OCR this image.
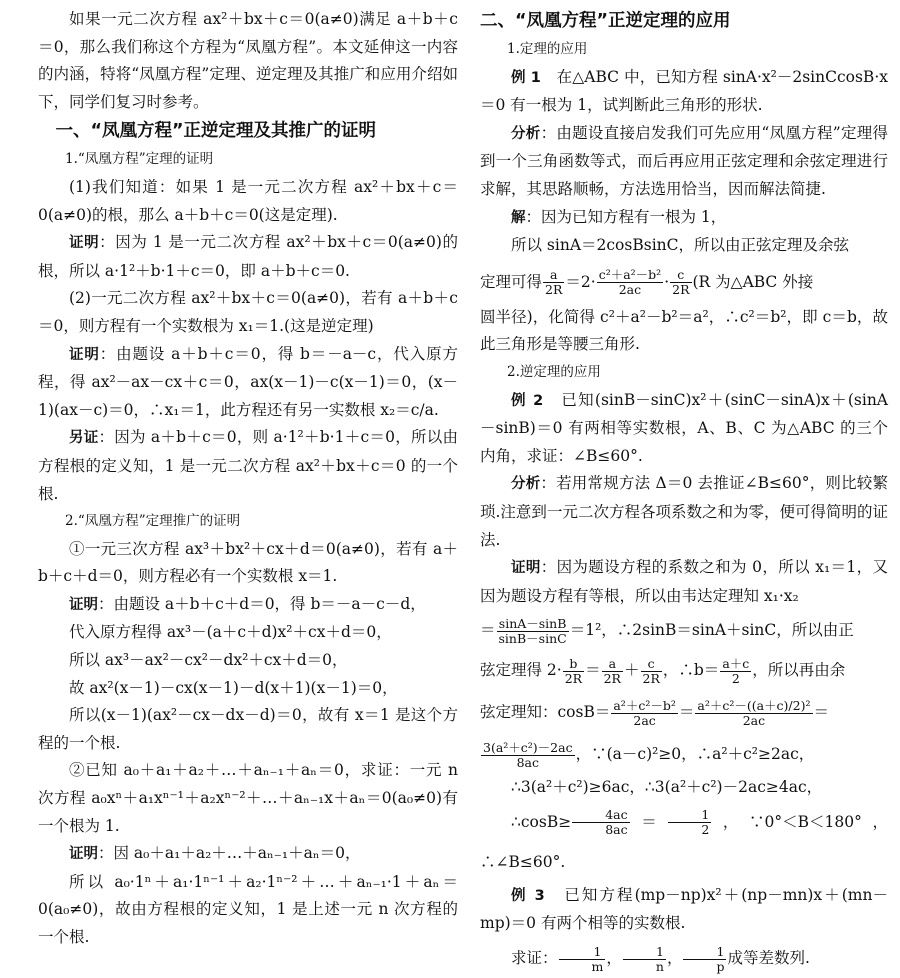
如果一元二次方程 ax²＋bx＋c＝0(a≠0)满足 a＋b＋c＝0，那么我们称这个方程为“凤凰方程”。本文延伸这一内容的内涵，特将“凤凰方程”定理、逆定理及其推广和应用介绍如下，同学们复习时参考。

一、“凤凰方程”正逆定理及其推广的证明

1.“凤凰方程”定理的证明

(1)我们知道：如果 1 是一元二次方程 ax²＋bx＋c＝0(a≠0)的根，那么 a＋b＋c＝0(这是定理).

证明：因为 1 是一元二次方程 ax²＋bx＋c＝0(a≠0)的根，所以 a·1²＋b·1＋c＝0，即 a＋b＋c＝0.

(2)一元二次方程 ax²＋bx＋c＝0(a≠0)，若有 a＋b＋c＝0，则方程有一个实数根为 x₁＝1.(这是逆定理)

证明：由题设 a＋b＋c＝0，得 b＝－a－c，代入原方程，得 ax²－ax－cx＋c＝0，ax(x－1)－c(x－1)＝0，(x－1)(ax－c)＝0，∴x₁＝1，此方程还有另一实数根 x₂＝c/a.

另证：因为 a＋b＋c＝0，则 a·1²＋b·1＋c＝0，所以由方程根的定义知，1 是一元二次方程 ax²＋bx＋c＝0 的一个根.

2.“凤凰方程”定理推广的证明

①一元三次方程 ax³＋bx²＋cx＋d＝0(a≠0)，若有 a＋b＋c＋d＝0，则方程必有一个实数根 x＝1.

证明：由题设 a＋b＋c＋d＝0，得 b＝－a－c－d，

代入原方程得 ax³－(a＋c＋d)x²＋cx＋d＝0，

所以 ax³－ax²－cx²－dx²＋cx＋d＝0，

故 ax²(x－1)－cx(x－1)－d(x＋1)(x－1)＝0，

所以(x－1)(ax²－cx－dx－d)＝0，故有 x＝1 是这个方程的一个根.

②已知 a₀＋a₁＋a₂＋…＋aₙ₋₁＋aₙ＝0，求证：一元 n 次方程 a₀xⁿ＋a₁xⁿ⁻¹＋a₂xⁿ⁻²＋…＋aₙ₋₁x＋aₙ＝0(a₀≠0)有一个根为 1.

证明：因 a₀＋a₁＋a₂＋…＋aₙ₋₁＋aₙ＝0，

所以 a₀·1ⁿ＋a₁·1ⁿ⁻¹＋a₂·1ⁿ⁻²＋…＋aₙ₋₁·1＋aₙ＝0(a₀≠0)，故由方程根的定义知，1 是上述一元 n 次方程的一个根.

二、“凤凰方程”正逆定理的应用

1.定理的应用

例 1　 在△ABC 中，已知方程 sinA·x²－2sinCcosB·x＝0 有一根为 1，试判断此三角形的形状.

分析：由题设直接启发我们可先应用“凤凰方程”定理得到一个三角函数等式，而后再应用正弦定理和余弦定理进行求解，其思路顺畅，方法选用恰当，因而解法简捷.

解：因为已知方程有一根为 1，

所以 sinA＝2cosBsinC，所以由正弦定理及余弦

定理可得 $\frac{a}{2R} =2\cdot \frac{\text{c²＋a²－b²}}{2ac} \cdot \frac{c}{2R} (R$ 为△ABC 外接

圆半径)，化简得 c²＋a²－b²＝a²，∴c²＝b²，即 c＝b，故此三角形是等腰三角形.

2.逆定理的应用

例 2　 已知(sinB－sinC)x²＋(sinC－sinA)x＋(sinA－sinB)＝0 有两相等实数根，A、B、C 为△ABC 的三个内角，求证：∠B≤60°.

分析：若用常规方法 Δ＝0 去推证∠B≤60°，则比较繁琐.注意到一元二次方程各项系数之和为零，便可得简明的证法.

证明：因为题设方程的系数之和为 0，所以 x₁＝1，又因为题设方程有等根，所以由韦达定理知 x₁·x₂

＝ $\frac{\sin A-\sin B}{\sin B-\sin C} =1^2$，∴2sinB＝sinA＋sinC，所以由正

弦定理得 $2\cdot \frac{b}{2R} = \frac{a}{2R} + \frac{c}{2R}$ ，∴b＝ $\frac{a+c}{2}$ ，所以再由余

弦定理知：$\cos B= \frac{\text{a²＋c²－b²}}{2ac} = \frac{\text{a²＋c²－((a＋c)/2)²}}{2ac}$ ＝

$\frac{\text{3(a²＋c²)－2ac}}{8ac}$ ，∵(a－c)²≥0，∴a²＋c²≥2ac，

∴3(a²＋c²)≥6ac，∴3(a²＋c²)－2ac≥4ac，

∴cosB≥ $\frac{4ac}{8ac} = \frac{1}{2}$ ，∵0°＜B＜180°，∴∠B≤60°.

例 3　 已知方程(mp－np)x²＋(np－mn)x＋(mn－mp)＝0 有两个相等的实数根.

求证： $\frac{1}{m}$ ， $\frac{1}{n}$ ， $\frac{1}{p}$ 成等差数列.
